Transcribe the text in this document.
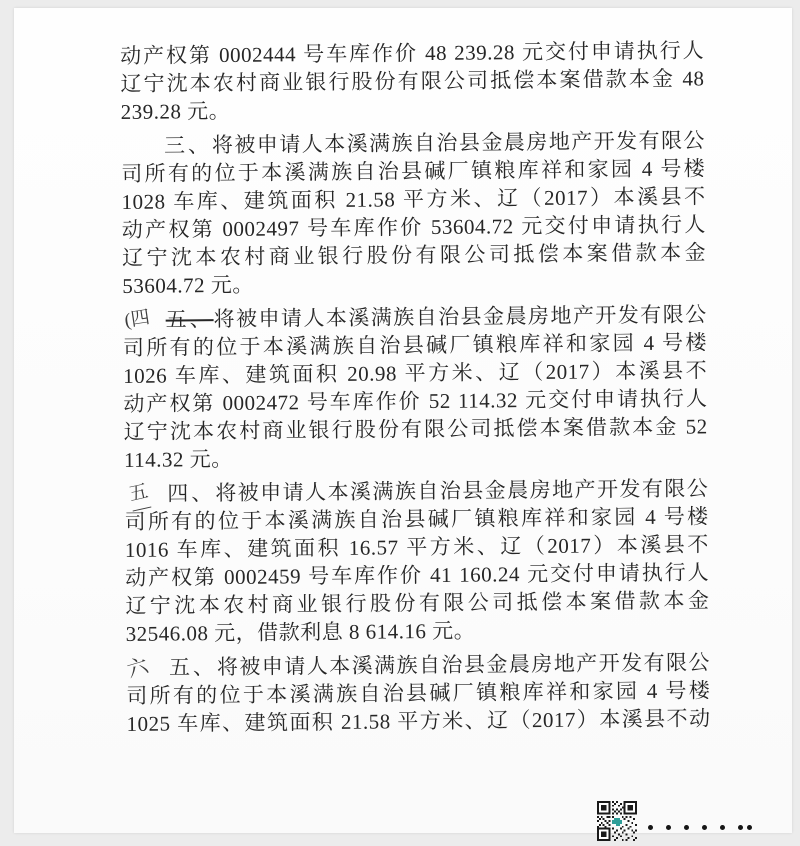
动产权第 0002444 号车库作价 48 239.28 元交付申请执行人
辽宁沈本农村商业银行股份有限公司抵偿本案借款本金 48
239.28 元。
三、将被申请人本溪满族自治县金晨房地产开发有限公
司所有的位于本溪满族自治县碱厂镇粮库祥和家园 4 号楼
1028 车库、建筑面积 21.58 平方米、辽（2017）本溪县不
动产权第 0002497 号车库作价 53604.72 元交付申请执行人
辽宁沈本农村商业银行股份有限公司抵偿本案借款本金
53604.72 元。
(四 五、将被申请人本溪满族自治县金晨房地产开发有限公
司所有的位于本溪满族自治县碱厂镇粮库祥和家园 4 号楼
1026 车库、建筑面积 20.98 平方米、辽（2017）本溪县不
动产权第 0002472 号车库作价 52 114.32 元交付申请执行人
辽宁沈本农村商业银行股份有限公司抵偿本案借款本金 52
114.32 元。
五 四、将被申请人本溪满族自治县金晨房地产开发有限公
司所有的位于本溪满族自治县碱厂镇粮库祥和家园 4 号楼
1016 车库、建筑面积 16.57 平方米、辽（2017）本溪县不
动产权第 0002459 号车库作价 41 160.24 元交付申请执行人
辽宁沈本农村商业银行股份有限公司抵偿本案借款本金
32546.08 元，借款利息 8 614.16 元。
六 五、将被申请人本溪满族自治县金晨房地产开发有限公
司所有的位于本溪满族自治县碱厂镇粮库祥和家园 4 号楼
1025 车库、建筑面积 21.58 平方米、辽（2017）本溪县不动
